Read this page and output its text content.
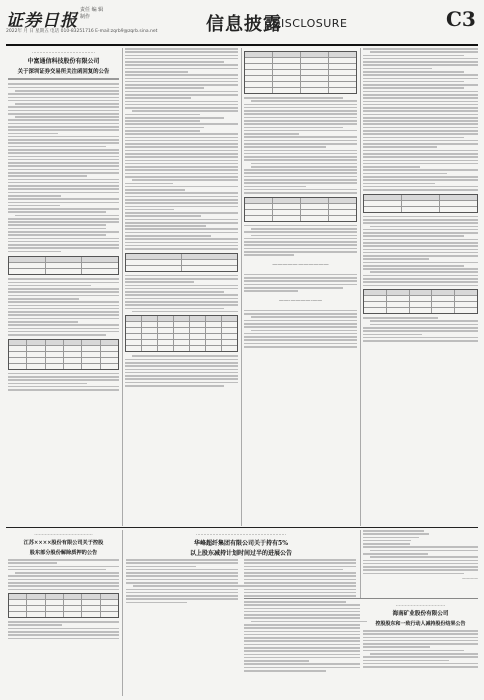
证券日报
责任 编 辑
制作
2022年 月 日 星期五 电话 010-83251716 E-mail:zqrb9@zqrb.sina.net	信息披露
DISCLOSURE	C3
……………………………………
中富通信科技股份有限公司
关于深圳证券交易所关注函回复的公告
—————·——————
——·————·——
…………………………………
江苏××××股份有限公司关于控股
股东部分股份解除质押的公告
……………………………………………………
华峰超纤集团有限公司关于持有5%
以上股东减持计划时间过半的进展公告
————
……………………………
海南矿业股份有限公司
控股股东和一致行动人减持股份结果公告
